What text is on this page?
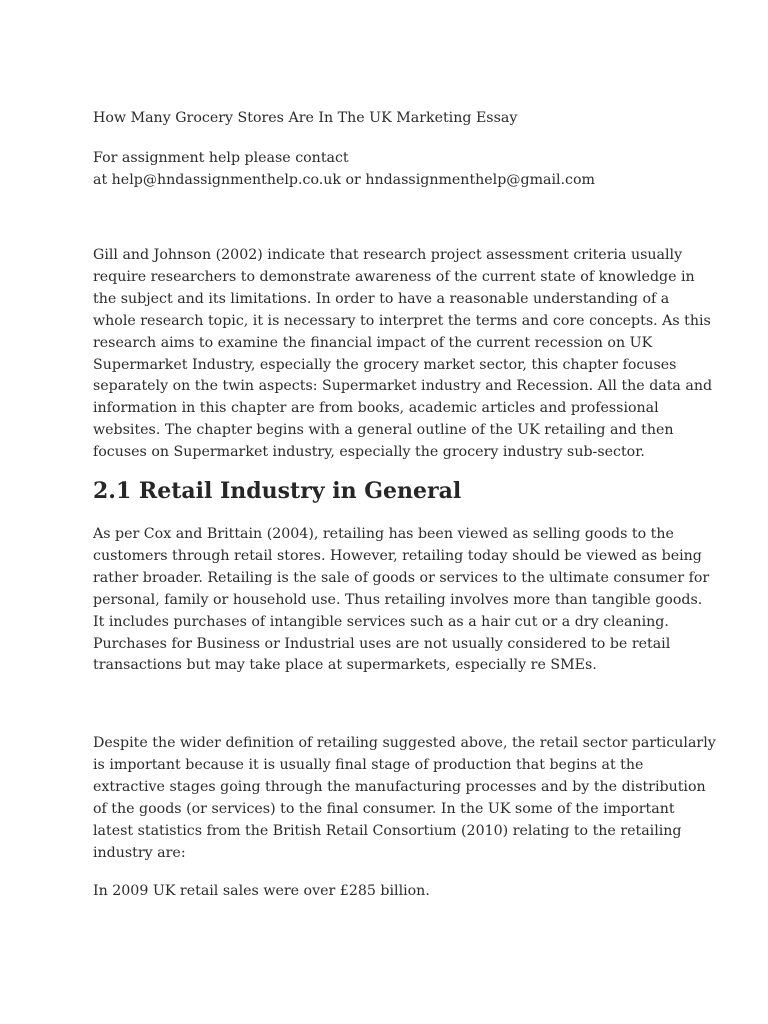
How Many Grocery Stores Are In The UK Marketing Essay
For assignment help please contact
at help@hndassignmenthelp.co.uk or hndassignmenthelp@gmail.com
Gill and Johnson (2002) indicate that research project assessment criteria usually
require researchers to demonstrate awareness of the current state of knowledge in
the subject and its limitations. In order to have a reasonable understanding of a
whole research topic, it is necessary to interpret the terms and core concepts. As this
research aims to examine the financial impact of the current recession on UK
Supermarket Industry, especially the grocery market sector, this chapter focuses
separately on the twin aspects: Supermarket industry and Recession. All the data and
information in this chapter are from books, academic articles and professional
websites. The chapter begins with a general outline of the UK retailing and then
focuses on Supermarket industry, especially the grocery industry sub-sector.
2.1 Retail Industry in General
As per Cox and Brittain (2004), retailing has been viewed as selling goods to the
customers through retail stores. However, retailing today should be viewed as being
rather broader. Retailing is the sale of goods or services to the ultimate consumer for
personal, family or household use. Thus retailing involves more than tangible goods.
It includes purchases of intangible services such as a hair cut or a dry cleaning.
Purchases for Business or Industrial uses are not usually considered to be retail
transactions but may take place at supermarkets, especially re SMEs.
Despite the wider definition of retailing suggested above, the retail sector particularly
is important because it is usually final stage of production that begins at the
extractive stages going through the manufacturing processes and by the distribution
of the goods (or services) to the final consumer. In the UK some of the important
latest statistics from the British Retail Consortium (2010) relating to the retailing
industry are:
In 2009 UK retail sales were over £285 billion.
